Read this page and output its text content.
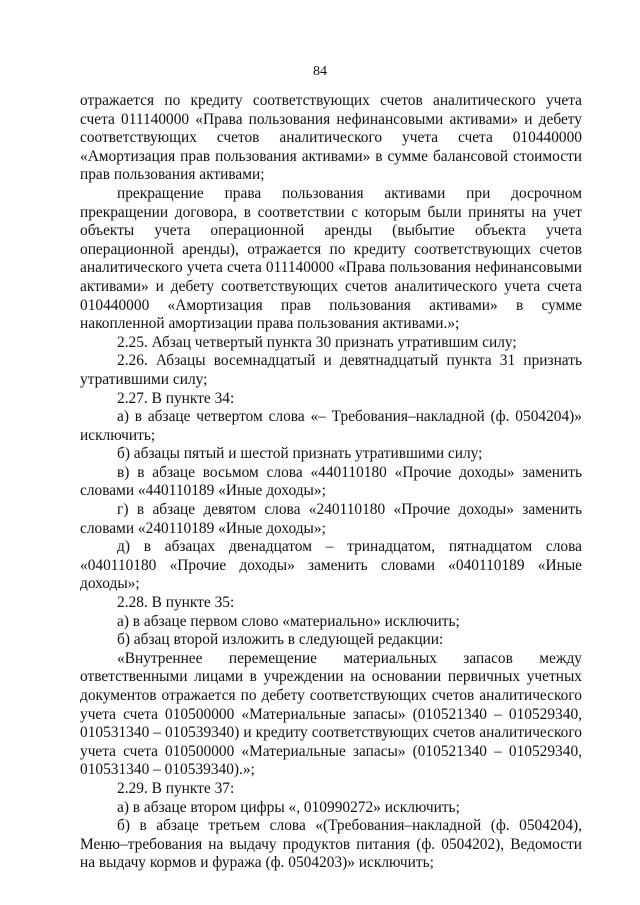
84

отражается по кредиту соответствующих счетов аналитического учета счета 011140000 «Права пользования нефинансовыми активами» и дебету соответствующих счетов аналитического учета счета 010440000 «Амортизация прав пользования активами» в сумме балансовой стоимости прав пользования активами;

прекращение права пользования активами при досрочном прекращении договора, в соответствии с которым были приняты на учет объекты учета операционной аренды (выбытие объекта учета операционной аренды), отражается по кредиту соответствующих счетов аналитического учета счета 011140000 «Права пользования нефинансовыми активами» и дебету соответствующих счетов аналитического учета счета 010440000 «Амортизация прав пользования активами» в сумме накопленной амортизации права пользования активами.»;

2.25. Абзац четвертый пункта 30 признать утратившим силу;

2.26. Абзацы восемнадцатый и девятнадцатый пункта 31 признать утратившими силу;

2.27. В пункте 34:

а) в абзаце четвертом слова «– Требования–накладной (ф. 0504204)» исключить;

б) абзацы пятый и шестой признать утратившими силу;

в) в абзаце восьмом слова «440110180 «Прочие доходы» заменить словами «440110189 «Иные доходы»;

г) в абзаце девятом слова «240110180 «Прочие доходы» заменить словами «240110189 «Иные доходы»;

д) в абзацах двенадцатом – тринадцатом, пятнадцатом слова «040110180 «Прочие доходы» заменить словами «040110189 «Иные доходы»;

2.28. В пункте 35:

а) в абзаце первом слово «материально» исключить;

б) абзац второй изложить в следующей редакции:

«Внутреннее перемещение материальных запасов между ответственными лицами в учреждении на основании первичных учетных документов отражается по дебету соответствующих счетов аналитического учета счета 010500000 «Материальные запасы» (010521340 – 010529340, 010531340 – 010539340) и кредиту соответствующих счетов аналитического учета счета 010500000 «Материальные запасы» (010521340 – 010529340, 010531340 – 010539340).»;

2.29. В пункте 37:

а) в абзаце втором цифры «, 010990272» исключить;

б) в абзаце третьем слова «(Требования–накладной (ф. 0504204), Меню–требования на выдачу продуктов питания (ф. 0504202), Ведомости на выдачу кормов и фуража (ф. 0504203)» исключить;
